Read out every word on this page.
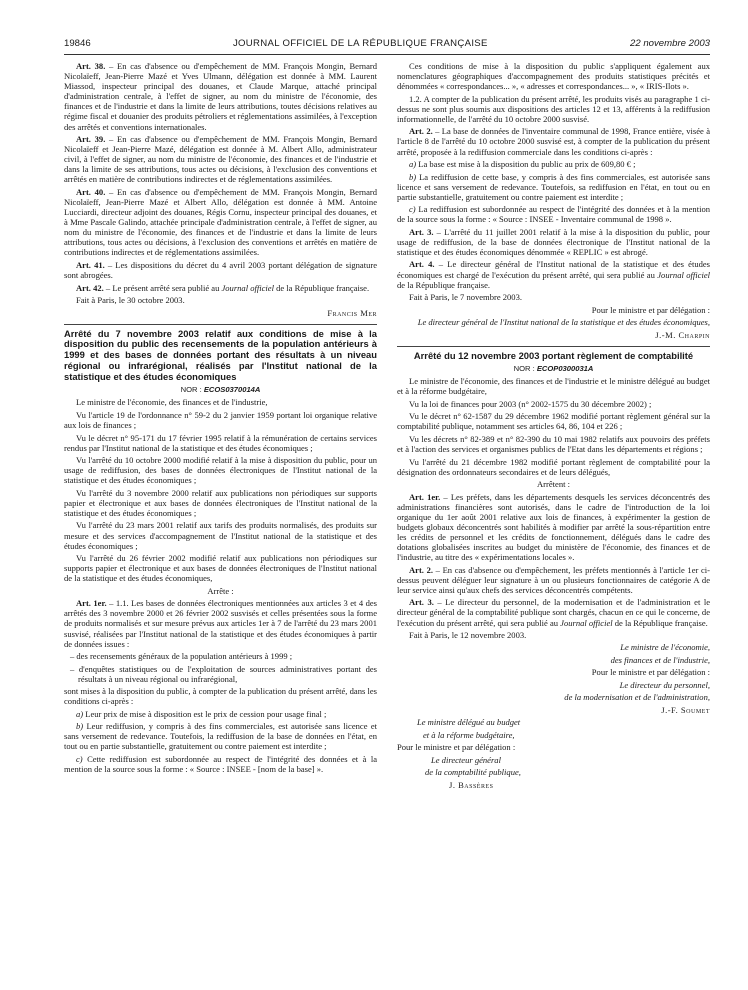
19846	JOURNAL OFFICIEL DE LA RÉPUBLIQUE FRANÇAISE	22 novembre 2003

Art. 38. – En cas d'absence ou d'empêchement de MM. François Mongin, Bernard Nicolaïeff, Jean-Pierre Mazé et Yves Ulmann, délégation est donnée à MM. Laurent Miassod, inspecteur principal des douanes, et Claude Marque, attaché principal d'administration centrale, à l'effet de signer, au nom du ministre de l'économie, des finances et de l'industrie et dans la limite de leurs attributions, toutes décisions relatives au régime fiscal et douanier des produits pétroliers et réglementations assimilées, à l'exception des arrêtés et conventions internationales.

Art. 39. – En cas d'absence ou d'empêchement de MM. François Mongin, Bernard Nicolaïeff et Jean-Pierre Mazé, délégation est donnée à M. Albert Allo, administrateur civil, à l'effet de signer, au nom du ministre de l'économie, des finances et de l'industrie et dans la limite de ses attributions, tous actes ou décisions, à l'exclusion des conventions et arrêtés en matière de contributions indirectes et de réglementations assimilées.

Art. 40. – En cas d'absence ou d'empêchement de MM. François Mongin, Bernard Nicolaïeff, Jean-Pierre Mazé et Albert Allo, délégation est donnée à MM. Antoine Lucciardi, directeur adjoint des douanes, Régis Cornu, inspecteur principal des douanes, et à Mme Pascale Galindo, attachée principale d'administration centrale, à l'effet de signer, au nom du ministre de l'économie, des finances et de l'industrie et dans la limite de leurs attributions, tous actes ou décisions, à l'exclusion des conventions et arrêtés en matière de contributions indirectes et de réglementations assimilées.

Art. 41. – Les dispositions du décret du 4 avril 2003 portant délégation de signature sont abrogées.

Art. 42. – Le présent arrêté sera publié au Journal officiel de la République française.

Fait à Paris, le 30 octobre 2003.

Francis Mer

Arrêté du 7 novembre 2003 relatif aux conditions de mise à la disposition du public des recensements de la population antérieurs à 1999 et des bases de données portant des résultats à un niveau régional ou infrarégional, réalisés par l'Institut national de la statistique et des études économiques

NOR : ECOS0370014A

Le ministre de l'économie, des finances et de l'industrie,

Vu l'article 19 de l'ordonnance n° 59-2 du 2 janvier 1959 portant loi organique relative aux lois de finances ;

Vu le décret n° 95-171 du 17 février 1995 relatif à la rémunération de certains services rendus par l'Institut national de la statistique et des études économiques ;

Vu l'arrêté du 10 octobre 2000 modifié relatif à la mise à disposition du public, pour un usage de rediffusion, des bases de données électroniques de l'Institut national de la statistique et des études économiques ;

Vu l'arrêté du 3 novembre 2000 relatif aux publications non périodiques sur supports papier et électronique et aux bases de données électroniques de l'Institut national de la statistique et des études économiques ;

Vu l'arrêté du 23 mars 2001 relatif aux tarifs des produits normalisés, des produits sur mesure et des services d'accompagnement de l'Institut national de la statistique et des études économiques ;

Vu l'arrêté du 26 février 2002 modifié relatif aux publications non périodiques sur supports papier et électronique et aux bases de données électroniques de l'Institut national de la statistique et des études économiques,

Arrête :

Art. 1er. – 1.1. Les bases de données électroniques mentionnées aux articles 3 et 4 des arrêtés des 3 novembre 2000 et 26 février 2002 susvisés et celles présentées sous la forme de produits normalisés et sur mesure prévus aux articles 1er à 7 de l'arrêté du 23 mars 2001 susvisé, réalisées par l'Institut national de la statistique et des études économiques à partir de données issues :

– des recensements généraux de la population antérieurs à 1999 ;

– d'enquêtes statistiques ou de l'exploitation de sources administratives portant des résultats à un niveau régional ou infrarégional,

sont mises à la disposition du public, à compter de la publication du présent arrêté, dans les conditions ci-après :

a) Leur prix de mise à disposition est le prix de cession pour usage final ;

b) Leur rediffusion, y compris à des fins commerciales, est autorisée sans licence et sans versement de redevance. Toutefois, la rediffusion de la base de données en l'état, en tout ou en partie substantielle, gratuitement ou contre paiement est interdite ;

c) Cette rediffusion est subordonnée au respect de l'intégrité des données et à la mention de la source sous la forme : « Source : INSEE - [nom de la base] ».

Ces conditions de mise à la disposition du public s'appliquent également aux nomenclatures géographiques d'accompagnement des produits statistiques précités et dénommées « correspondances... », « adresses et correspondances... », « IRIS-Ilots ».

1.2. A compter de la publication du présent arrêté, les produits visés au paragraphe 1 ci-dessus ne sont plus soumis aux dispositions des articles 12 et 13, afférents à la rediffusion informationnelle, de l'arrêté du 10 octobre 2000 susvisé.

Art. 2. – La base de données de l'inventaire communal de 1998, France entière, visée à l'article 8 de l'arrêté du 10 octobre 2000 susvisé est, à compter de la publication du présent arrêté, proposée à la rediffusion commerciale dans les conditions ci-après :

a) La base est mise à la disposition du public au prix de 609,80 € ;

b) La rediffusion de cette base, y compris à des fins commerciales, est autorisée sans licence et sans versement de redevance. Toutefois, sa rediffusion en l'état, en tout ou en partie substantielle, gratuitement ou contre paiement est interdite ;

c) La rediffusion est subordonnée au respect de l'intégrité des données et à la mention de la source sous la forme : « Source : INSEE - Inventaire communal de 1998 ».

Art. 3. – L'arrêté du 11 juillet 2001 relatif à la mise à la disposition du public, pour usage de rediffusion, de la base de données électronique de l'Institut national de la statistique et des études économiques dénommée « REPLIC » est abrogé.

Art. 4. – Le directeur général de l'Institut national de la statistique et des études économiques est chargé de l'exécution du présent arrêté, qui sera publié au Journal officiel de la République française.

Fait à Paris, le 7 novembre 2003.

Pour le ministre et par délégation :

Le directeur général de l'Institut national de la statistique et des études économiques,

J.-M. Charpin

Arrêté du 12 novembre 2003 portant règlement de comptabilité

NOR : ECOP0300031A

Le ministre de l'économie, des finances et de l'industrie et le ministre délégué au budget et à la réforme budgétaire,

Vu la loi de finances pour 2003 (n° 2002-1575 du 30 décembre 2002) ;

Vu le décret n° 62-1587 du 29 décembre 1962 modifié portant règlement général sur la comptabilité publique, notamment ses articles 64, 86, 104 et 226 ;

Vu les décrets n° 82-389 et n° 82-390 du 10 mai 1982 relatifs aux pouvoirs des préfets et à l'action des services et organismes publics de l'Etat dans les départements et régions ;

Vu l'arrêté du 21 décembre 1982 modifié portant règlement de comptabilité pour la désignation des ordonnateurs secondaires et de leurs délégués,

Arrêtent :

Art. 1er. – Les préfets, dans les départements desquels les services déconcentrés des administrations financières sont autorisés, dans le cadre de l'introduction de la loi organique du 1er août 2001 relative aux lois de finances, à expérimenter la gestion de budgets globaux déconcentrés sont habilités à modifier par arrêté la sous-répartition entre les crédits de personnel et les crédits de fonctionnement, délégués dans le cadre des dotations globalisées inscrites au budget du ministère de l'économie, des finances et de l'industrie, au titre des « expérimentations locales ».

Art. 2. – En cas d'absence ou d'empêchement, les préfets mentionnés à l'article 1er ci-dessus peuvent déléguer leur signature à un ou plusieurs fonctionnaires de catégorie A de leur service ainsi qu'aux chefs des services déconcentrés compétents.

Art. 3. – Le directeur du personnel, de la modernisation et de l'administration et le directeur général de la comptabilité publique sont chargés, chacun en ce qui le concerne, de l'exécution du présent arrêté, qui sera publié au Journal officiel de la République française.

Fait à Paris, le 12 novembre 2003.

Le ministre de l'économie,

des finances et de l'industrie,

Pour le ministre et par délégation :

Le directeur du personnel,

de la modernisation et de l'administration,

J.-F. Soumet

Le ministre délégué au budget

et à la réforme budgétaire,

Pour le ministre et par délégation :

Le directeur général

de la comptabilité publique,

J. Bassères
